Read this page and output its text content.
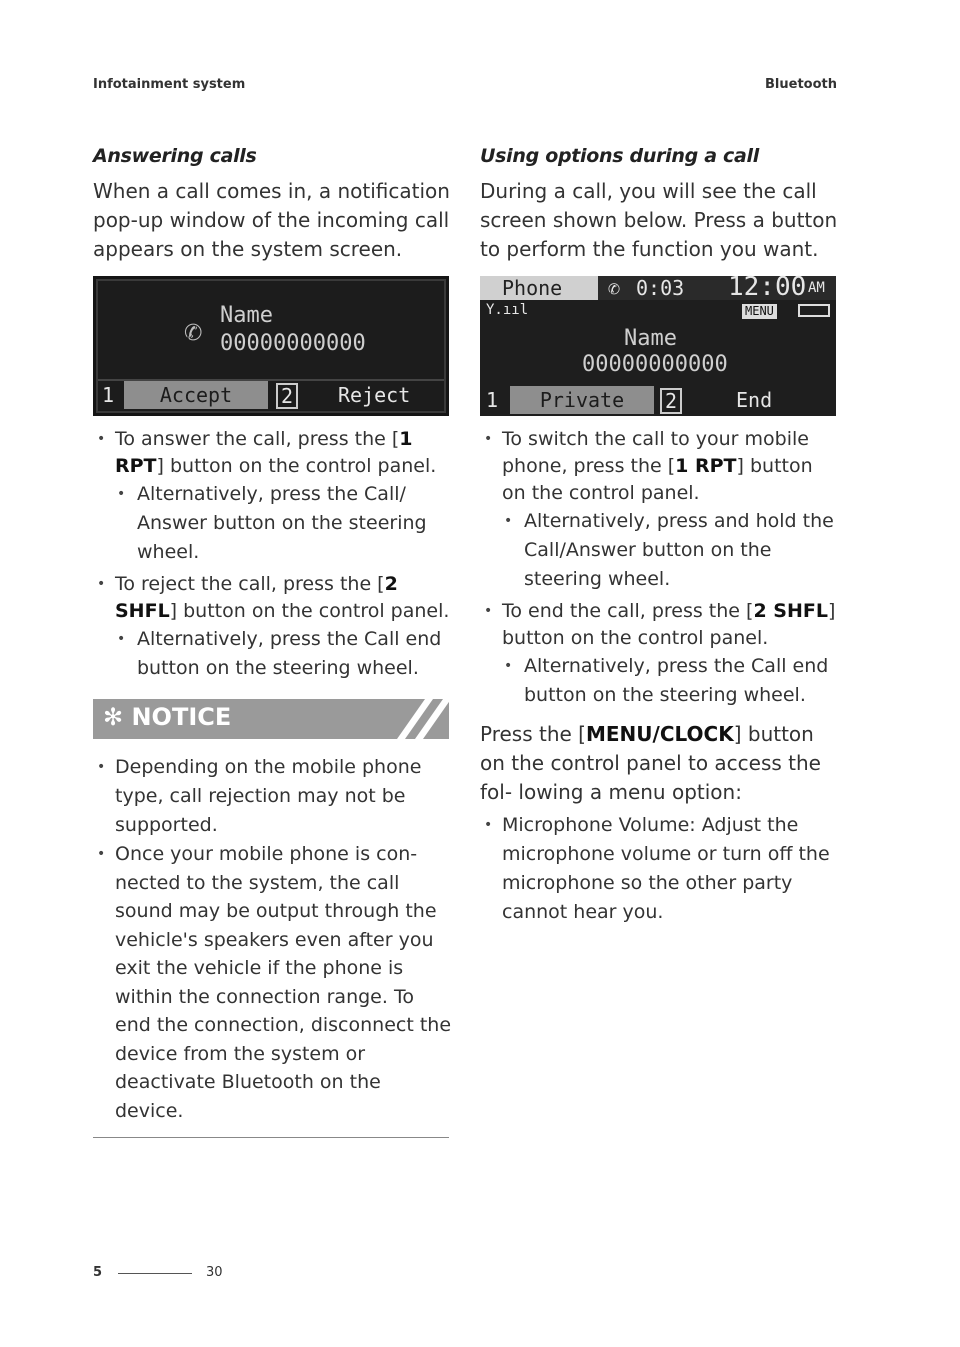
Infotainment system	Bluetooth
Answering calls

When a call comes in, a notification pop-up window of the incoming call appears on the system screen.

✆
Name
00000000000
1	Accept	2 Reject
• To answer the call, press the [1 RPT] button on the control panel.
• Alternatively, press the Call/ Answer button on the steering wheel.
• To reject the call, press the [2 SHFL] button on the control panel.
• Alternatively, press the Call end button on the steering wheel.
✻ NOTICE
• Depending on the mobile phone type, call rejection may not be supported.
• Once your mobile phone is con- nected to the system, the call sound may be output through the vehicle's speakers even after you exit the vehicle if the phone is within the connection range. To end the connection, disconnect the device from the system or deactivate Bluetooth on the device.
Using options during a call

During a call, you will see the call screen shown below. Press a button to perform the function you want.

Phone ✆ 0:03 12:00 AM
Y.ııl	MENU
Name
00000000000
1	Private	2	End
• To switch the call to your mobile phone, press the [1 RPT] button on the control panel.
• Alternatively, press and hold the Call/Answer button on the steering wheel.
• To end the call, press the [2 SHFL] button on the control panel.
• Alternatively, press the Call end button on the steering wheel.

Press the [MENU/CLOCK] button on the control panel to access the fol- lowing a menu option:

• Microphone Volume: Adjust the microphone volume or turn off the microphone so the other party cannot hear you.
5	30
